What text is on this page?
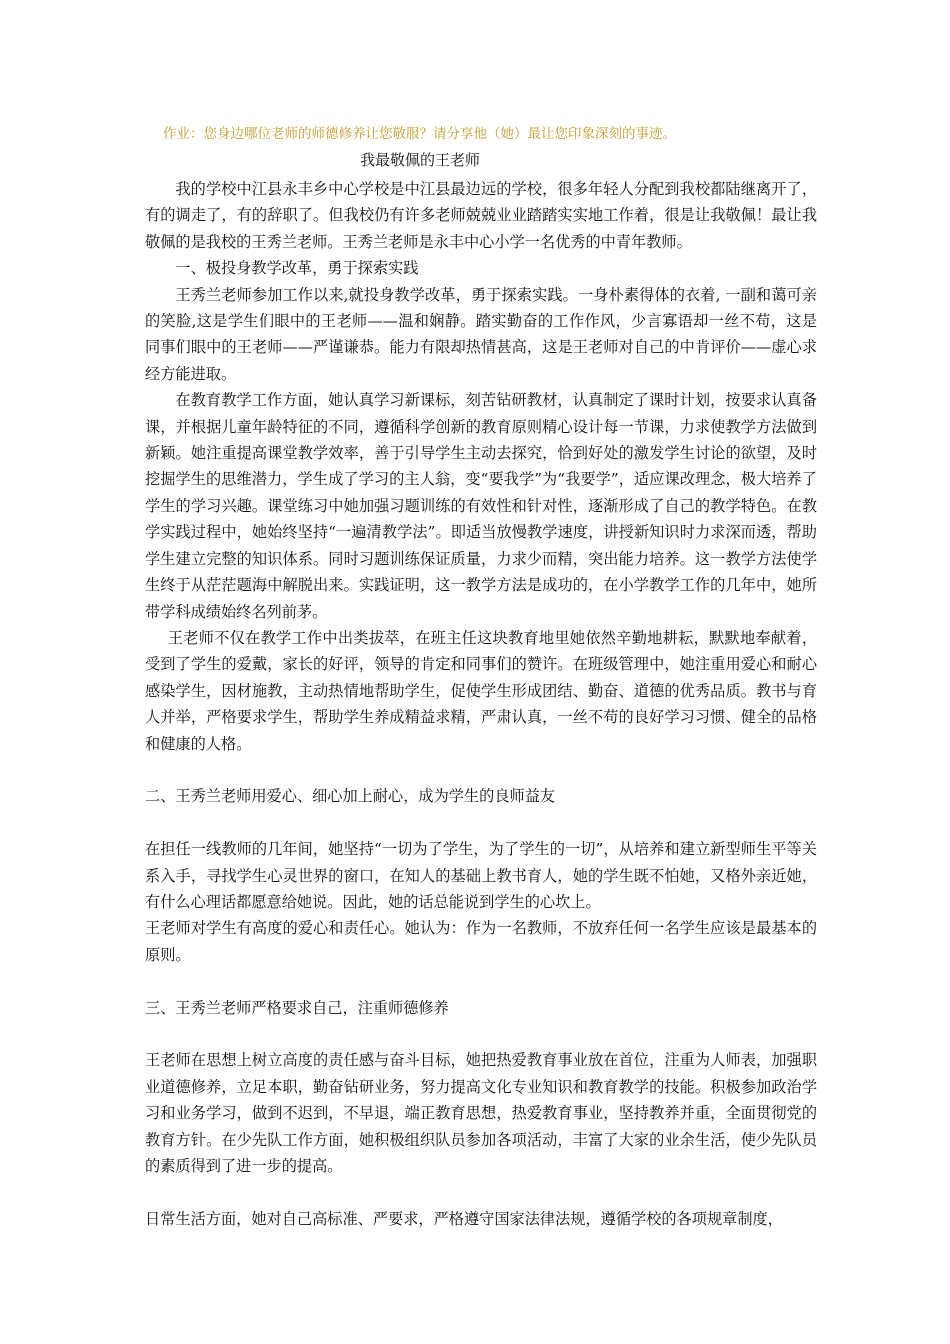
作业：您身边哪位老师的师德修养让您敬服？请分享他（她）最让您印象深刻的事迹。
我最敬佩的王老师

我的学校中江县永丰乡中心学校是中江县最边远的学校，很多年轻人分配到我校都陆继离开了，有的调走了，有的辞职了。但我校仍有许多老师兢兢业业踏踏实实地工作着，很是让我敬佩！最让我敬佩的是我校的王秀兰老师。王秀兰老师是永丰中心小学一名优秀的中青年教师。

一、极投身教学改革，勇于探索实践

王秀兰老师参加工作以来,就投身教学改革，勇于探索实践。一身朴素得体的衣着, 一副和蔼可亲的笑脸,这是学生们眼中的王老师——温和娴静。踏实勤奋的工作作风，少言寡语却一丝不苟，这是同事们眼中的王老师——严谨谦恭。能力有限却热情甚高，这是王老师对自己的中肯评价——虚心求经方能进取。

在教育教学工作方面，她认真学习新课标，刻苦钻研教材，认真制定了课时计划，按要求认真备课，并根据儿童年龄特征的不同，遵循科学创新的教育原则精心设计每一节课，力求使教学方法做到新颖。她注重提高课堂教学效率，善于引导学生主动去探究，恰到好处的激发学生讨论的欲望，及时挖掘学生的思维潜力，学生成了学习的主人翁，变“要我学”为“我要学”，适应课改理念，极大培养了学生的学习兴趣。课堂练习中她加强习题训练的有效性和针对性，逐渐形成了自己的教学特色。在教学实践过程中，她始终坚持“一遍清教学法”。即适当放慢教学速度，讲授新知识时力求深而透，帮助学生建立完整的知识体系。同时习题训练保证质量，力求少而精，突出能力培养。这一教学方法使学生终于从茫茫题海中解脱出来。实践证明，这一教学方法是成功的，在小学教学工作的几年中，她所带学科成绩始终名列前茅。

王老师不仅在教学工作中出类拔萃，在班主任这块教育地里她依然辛勤地耕耘，默默地奉献着，受到了学生的爱戴，家长的好评，领导的肯定和同事们的赞许。在班级管理中，她注重用爱心和耐心感染学生，因材施教，主动热情地帮助学生，促使学生形成团结、勤奋、道德的优秀品质。教书与育人并举，严格要求学生，帮助学生养成精益求精，严肃认真，一丝不苟的良好学习习惯、健全的品格和健康的人格。

二、王秀兰老师用爱心、细心加上耐心，成为学生的良师益友

在担任一线教师的几年间，她坚持“一切为了学生，为了学生的一切”，从培养和建立新型师生平等关系入手，寻找学生心灵世界的窗口，在知人的基础上教书育人，她的学生既不怕她，又格外亲近她，有什么心理话都愿意给她说。因此，她的话总能说到学生的心坎上。

王老师对学生有高度的爱心和责任心。她认为：作为一名教师，不放弃任何一名学生应该是最基本的原则。

三、王秀兰老师严格要求自己，注重师德修养

王老师在思想上树立高度的责任感与奋斗目标，她把热爱教育事业放在首位，注重为人师表，加强职业道德修养，立足本职，勤奋钻研业务，努力提高文化专业知识和教育教学的技能。积极参加政治学习和业务学习，做到不迟到，不早退，端正教育思想，热爱教育事业，坚持教养并重，全面贯彻党的教育方针。在少先队工作方面，她积极组织队员参加各项活动，丰富了大家的业余生活，使少先队员的素质得到了进一步的提高。

日常生活方面，她对自己高标准、严要求，严格遵守国家法律法规，遵循学校的各项规章制度，
